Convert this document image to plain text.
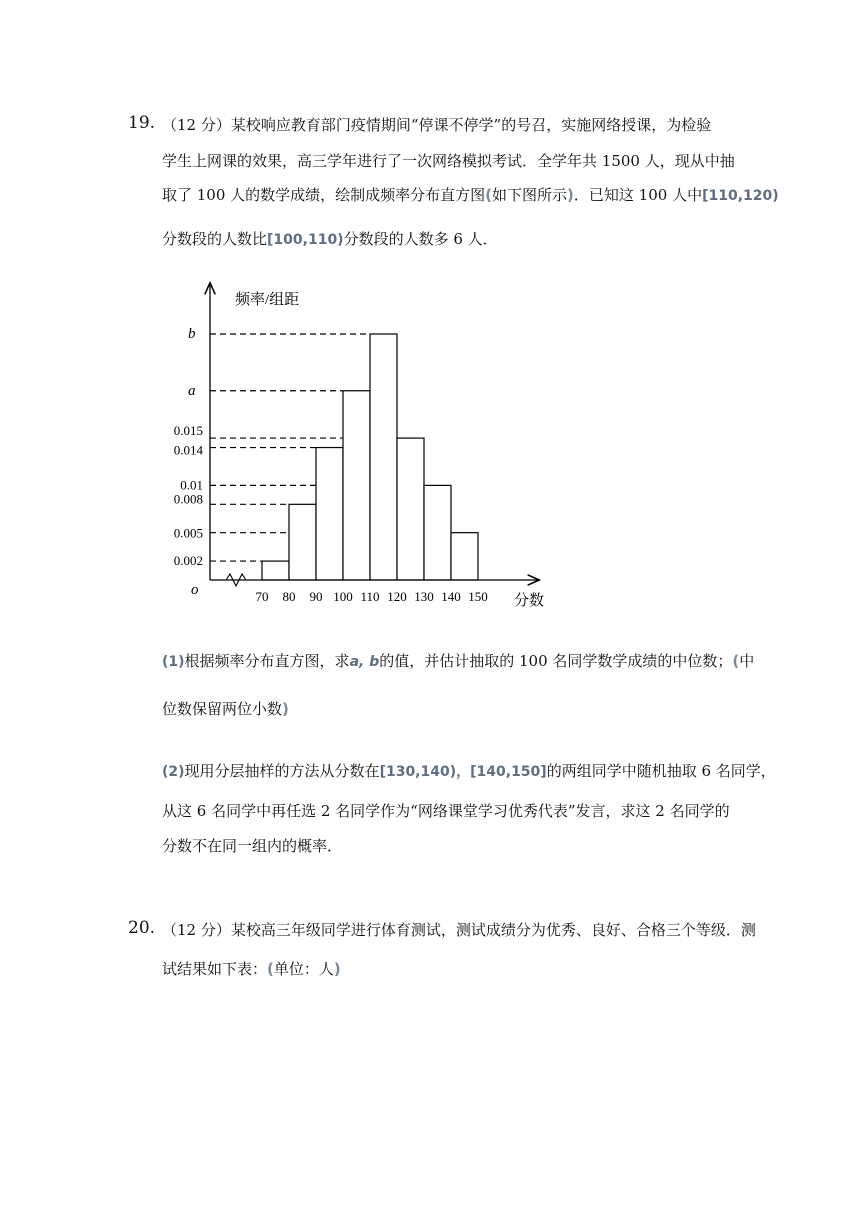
19. （12 分）某校响应教育部门疫情期间“停课不停学”的号召，实施网络授课，为检验
学生上网课的效果，高三学年进行了一次网络模拟考试．全学年共 1500 人，现从中抽
取了 100 人的数学成绩，绘制成频率分布直方图(如下图所示)．已知这 100 人中[110,120)
分数段的人数比[100,110)分数段的人数多 6 人．
频率/组距
分数
o
0.002
0.005
0.008
0.01
0.014
0.015
a
b
70 80 90 100 110 120 130 140 150
(1)根据频率分布直方图，求a, b的值，并估计抽取的 100 名同学数学成绩的中位数；(中
位数保留两位小数)
(2)现用分层抽样的方法从分数在[130,140)，[140,150]的两组同学中随机抽取 6 名同学，
从这 6 名同学中再任选 2 名同学作为“网络课堂学习优秀代表”发言，求这 2 名同学的
分数不在同一组内的概率．
20. （12 分）某校高三年级同学进行体育测试，测试成绩分为优秀、良好、合格三个等级．测
试结果如下表：(单位：人)
